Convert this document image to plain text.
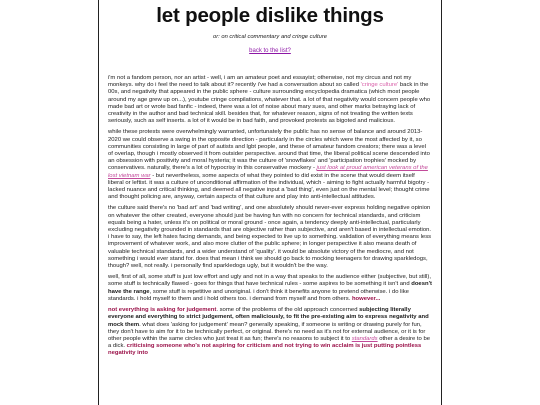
let people dislike things
or: on critical commentary and cringe culture
back to the list?

i'm not a fandom person, nor an artist - well, i am an amateur poet and essayist; otherwise, not my circus and not my monkeys. why do i feel the need to talk about it? recently i've had a conversation about so called 'cringe culture' back in the 00s, and negativity that appeared in the public sphere - culture surrounding encyclopedia dramatica (which most people around my age grew up on...), youtube cringe compilations, whatever that. a lot of that negativity would concern people who made bad art or wrote bad fanfic - indeed, there was a lot of noise about mary sues, and other marks betraying lack of creativity in the author and bad technical skill. besides that, for whatever reason, signs of not treating the written texts seriously, such as self inserts. a lot of it would be in bad faith, and provoked protests as bigoted and malicious.

while these protests were overwhelmingly warranted, unfortunately the public has no sense of balance and around 2013-2020 we could observe a swing in the opposite direction - particularly in the circles which were the most affected by it, so communities consisting in large of part of autists and lgbt people, and these of amateur fandom creators; there was a level of overlap, though i mostly observed it from outsider perspective. around that time, the liberal political scene descended into an obsession with positivity and moral hysteria; it was the culture of 'snowflakes' and 'participation trophies' mocked by conservatives. naturally, there's a lot of hypocrisy in this conservative mockery - just look at proud american veterans of the lost vietnam war - but nevertheless, some aspects of what they pointed to did exist in the scene that would deem itself liberal or leftist. it was a culture of unconditional affirmation of the individual, which - aiming to fight actually harmful bigotry - lacked nuance and critical thinking, and deemed all negative input a 'bad thing', even just on the mental level; thought crime and thought policing are, anyway, certain aspects of that culture and play into anti-intellectual attitudes.

the culture said there's no 'bad art' and 'bad writing', and one absolutely should never-ever express holding negative opinion on whatever the other created, everyone should just be having fun with no concern for technical standards, and criticism equals being a hater, unless it's on political or moral ground - once again, a tendency deeply anti-intellectual, particularly excluding negativity grounded in standards that are objective rather than subjective, and aren't based in intellectual emotion. i have to say, the left hates facing demands, and being expected to live up to something. validation of everything means less improvement of whatever work, and also more clutter of the public sphere; in longer perspective it also means death of valuable technical standards, and a wider understand of 'quality'. it would be absolute victory of the mediocre, and not something i would ever stand for. does that mean i think we should go back to mocking teenagers for drawing sparkledogs, though? well, not really. i personally find sparkledogs ugly, but it wouldn't be the way.

well, first of all, some stuff is just low effort and ugly and not in a way that speaks to the audience either (subjective, but still), some stuff is technically flawed - goes for things that have technical rules - some aspires to be something it isn't and doesn't have the range, some stuff is repetitive and unoriginal. i don't think it benefits anyone to pretend otherwise. i do like standards. i hold myself to them and i hold others too. i demand from myself and from others. however...

not everything is asking for judgement. some of the problems of the old approach concerned subjecting literally everyone and everything to strict judgement, often maliciously, to fit the pre-existing aim to express negativity and mock them. what does 'asking for judgement' mean? generally speaking, if someone is writing or drawing purely for fun, they don't have to aim for it to be technically perfect, or original. there's no need as it's not for external audience, or it is for other people within the same circles who just treat it as fun; there's no reasons to subject it to standards other a desire to be a dick. criticising someone who's not aspiring for criticism and not trying to win acclaim is just putting pointless negativity into
